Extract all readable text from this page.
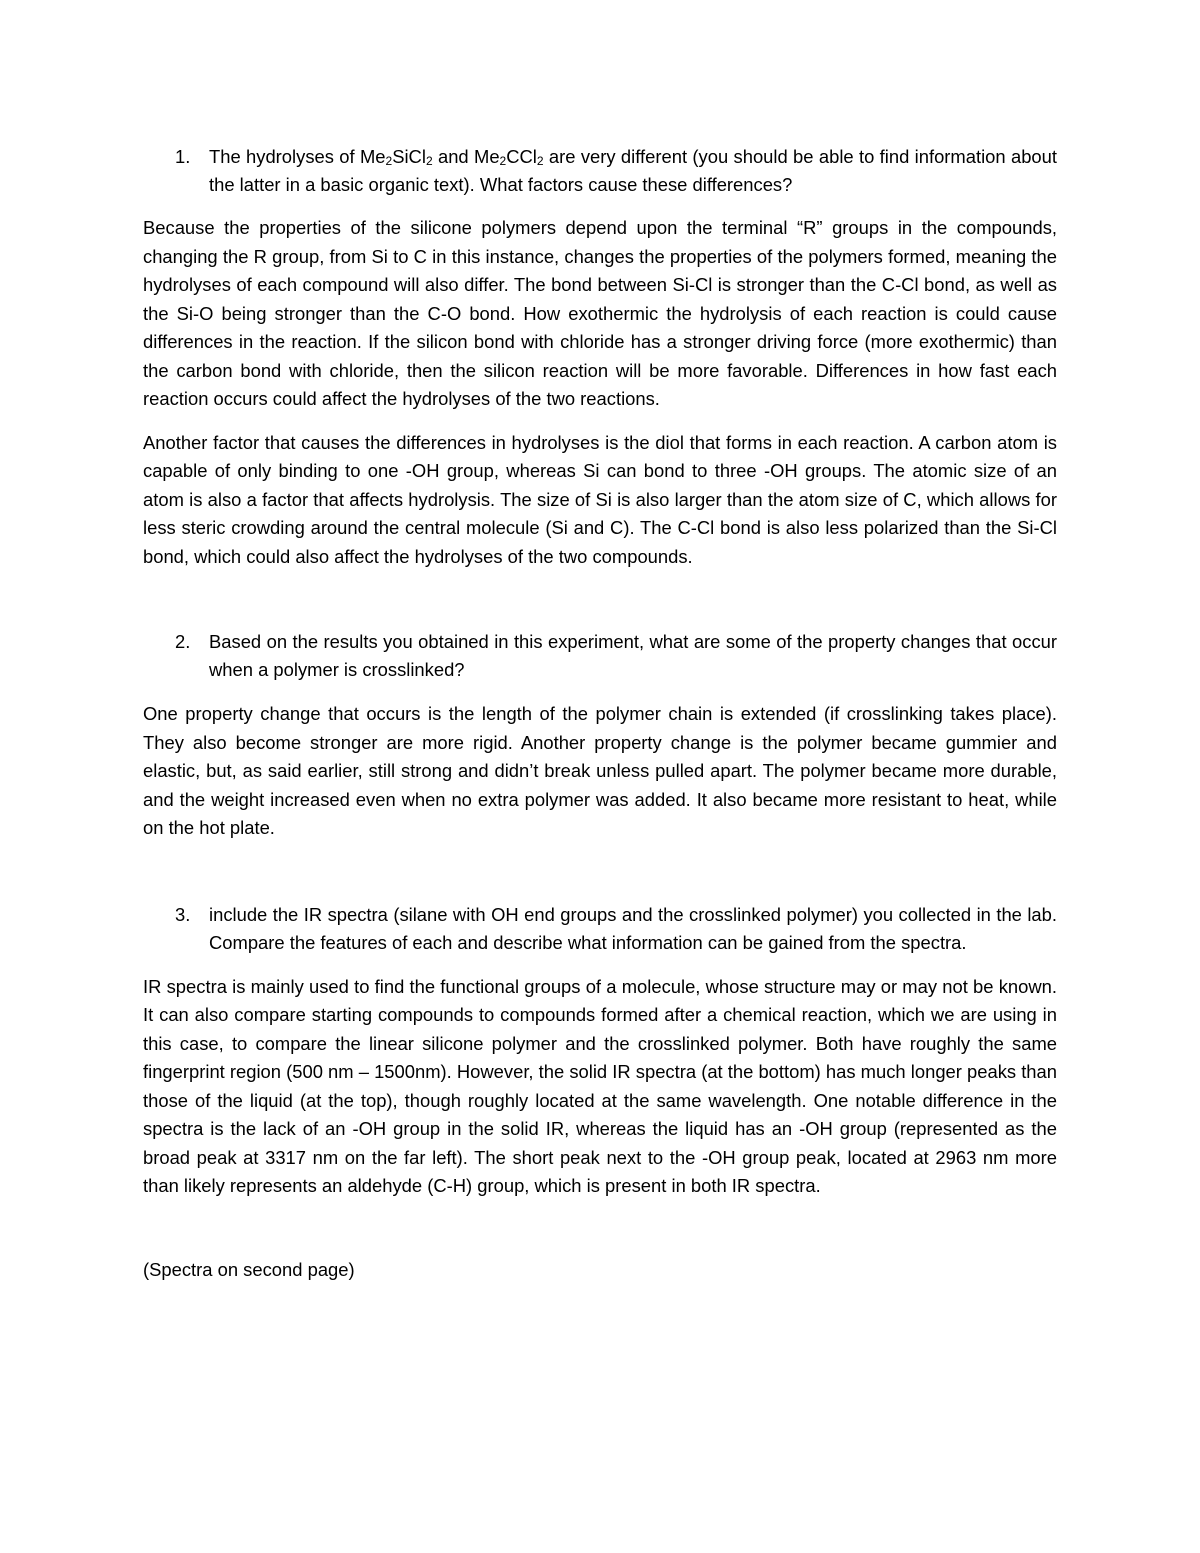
1. The hydrolyses of $Me_2SiCl_2$ and $Me_2CCl_2$ are very different (you should be able to find information about the latter in a basic organic text). What factors cause these differences?

Because the properties of the silicone polymers depend upon the terminal “R” groups in the compounds, changing the R group, from Si to C in this instance, changes the properties of the polymers formed, meaning the hydrolyses of each compound will also differ. The bond between Si-Cl is stronger than the C-Cl bond, as well as the Si-O being stronger than the C-O bond. How exothermic the hydrolysis of each reaction is could cause differences in the reaction. If the silicon bond with chloride has a stronger driving force (more exothermic) than the carbon bond with chloride, then the silicon reaction will be more favorable. Differences in how fast each reaction occurs could affect the hydrolyses of the two reactions.

Another factor that causes the differences in hydrolyses is the diol that forms in each reaction. A carbon atom is capable of only binding to one -OH group, whereas Si can bond to three -OH groups. The atomic size of an atom is also a factor that affects hydrolysis. The size of Si is also larger than the atom size of C, which allows for less steric crowding around the central molecule (Si and C). The C-Cl bond is also less polarized than the Si-Cl bond, which could also affect the hydrolyses of the two compounds.

2. Based on the results you obtained in this experiment, what are some of the property changes that occur when a polymer is crosslinked?

One property change that occurs is the length of the polymer chain is extended (if crosslinking takes place). They also become stronger are more rigid. Another property change is the polymer became gummier and elastic, but, as said earlier, still strong and didn’t break unless pulled apart. The polymer became more durable, and the weight increased even when no extra polymer was added. It also became more resistant to heat, while on the hot plate.

3. include the IR spectra (silane with OH end groups and the crosslinked polymer) you collected in the lab. Compare the features of each and describe what information can be gained from the spectra.

IR spectra is mainly used to find the functional groups of a molecule, whose structure may or may not be known. It can also compare starting compounds to compounds formed after a chemical reaction, which we are using in this case, to compare the linear silicone polymer and the crosslinked polymer. Both have roughly the same fingerprint region (500 nm – 1500nm). However, the solid IR spectra (at the bottom) has much longer peaks than those of the liquid (at the top), though roughly located at the same wavelength. One notable difference in the spectra is the lack of an -OH group in the solid IR, whereas the liquid has an -OH group (represented as the broad peak at 3317 nm on the far left). The short peak next to the -OH group peak, located at 2963 nm more than likely represents an aldehyde (C-H) group, which is present in both IR spectra.

(Spectra on second page)
